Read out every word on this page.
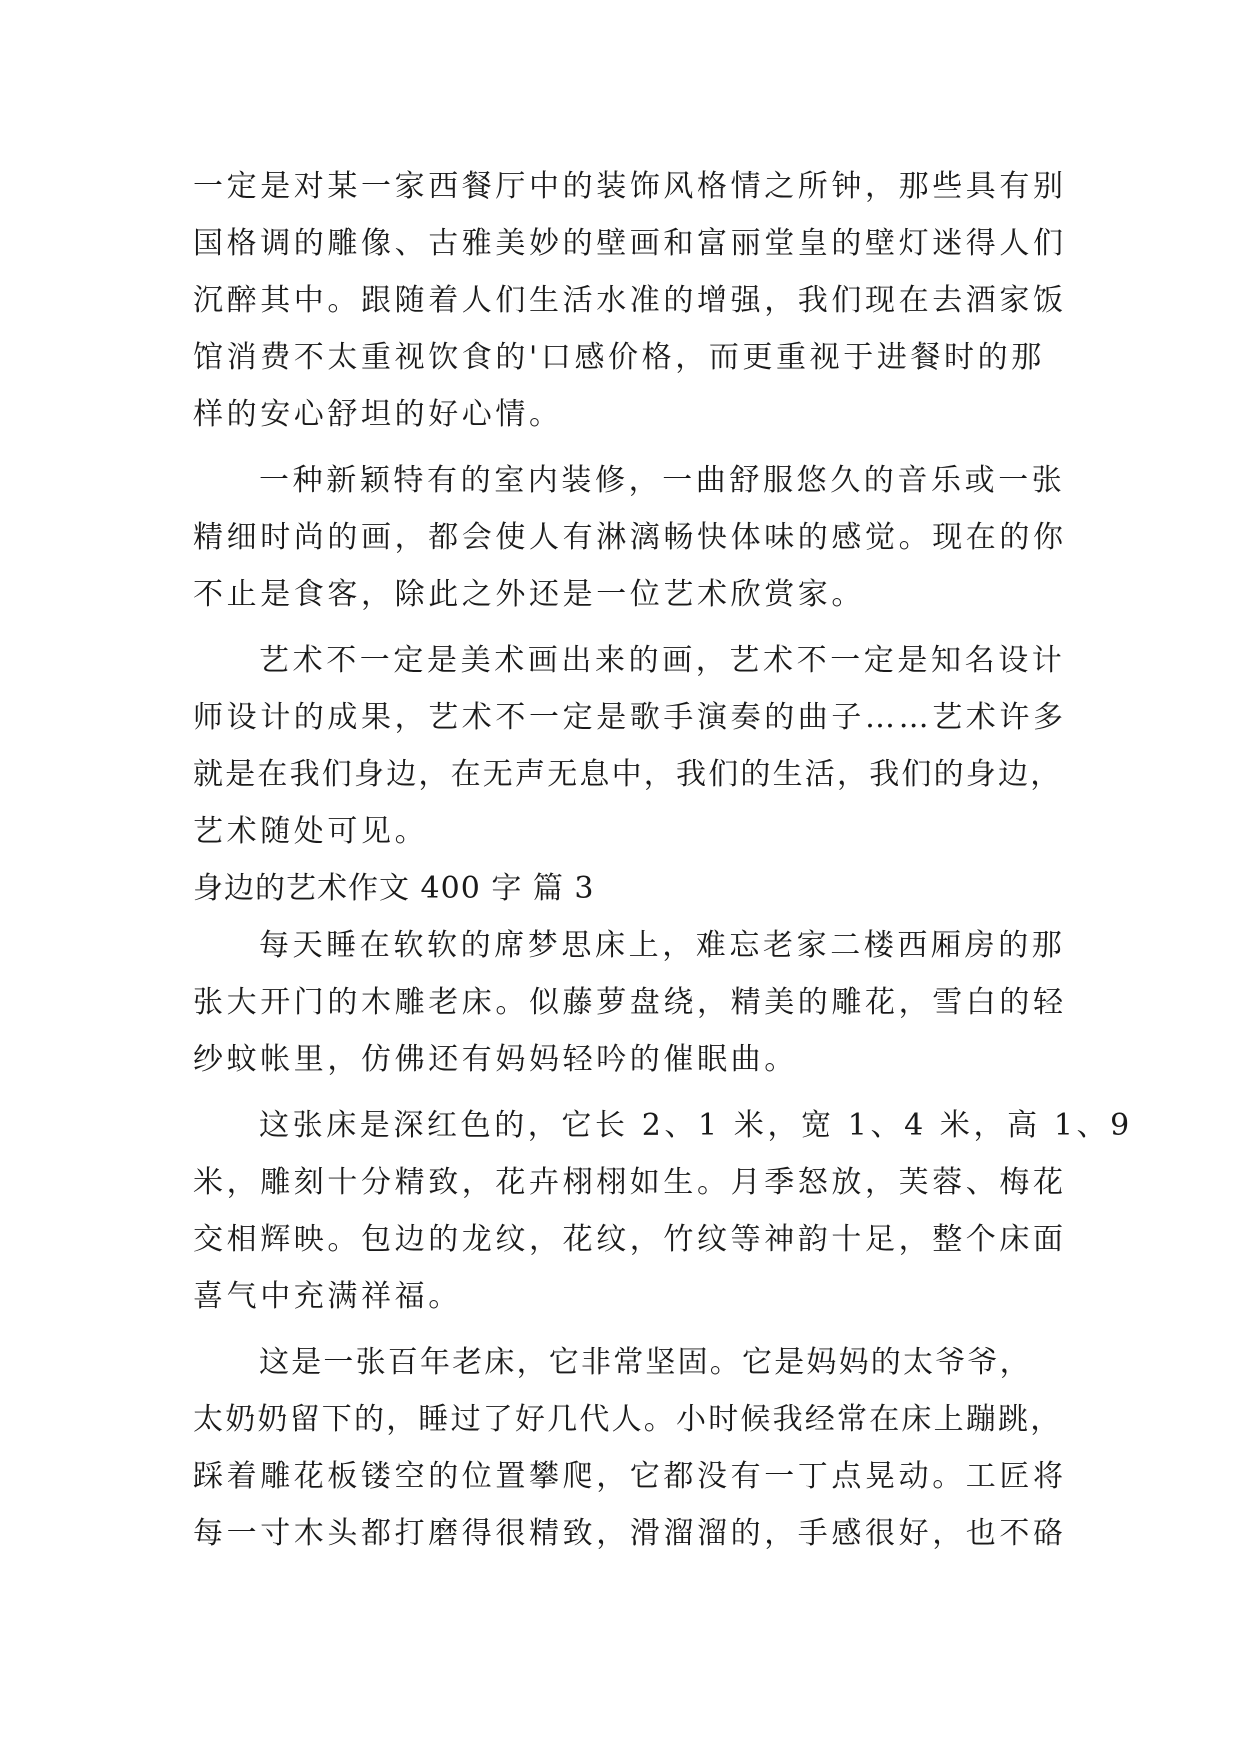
一定是对某一家西餐厅中的装饰风格情之所钟，那些具有别
国格调的雕像、古雅美妙的壁画和富丽堂皇的壁灯迷得人们
沉醉其中。跟随着人们生活水准的增强，我们现在去酒家饭
馆消费不太重视饮食的'口感价格，而更重视于进餐时的那
样的安心舒坦的好心情。
一种新颖特有的室内装修，一曲舒服悠久的音乐或一张
精细时尚的画，都会使人有淋漓畅快体味的感觉。现在的你
不止是食客，除此之外还是一位艺术欣赏家。
艺术不一定是美术画出来的画，艺术不一定是知名设计
师设计的成果，艺术不一定是歌手演奏的曲子……艺术许多
就是在我们身边，在无声无息中，我们的生活，我们的身边，
艺术随处可见。
身边的艺术作文 400 字 篇 3
每天睡在软软的席梦思床上，难忘老家二楼西厢房的那
张大开门的木雕老床。似藤萝盘绕，精美的雕花，雪白的轻
纱蚊帐里，仿佛还有妈妈轻吟的催眠曲。
这张床是深红色的，它长 2、1 米，宽 1、4 米，高 1、9
米，雕刻十分精致，花卉栩栩如生。月季怒放，芙蓉、梅花
交相辉映。包边的龙纹，花纹，竹纹等神韵十足，整个床面
喜气中充满祥福。
这是一张百年老床，它非常坚固。它是妈妈的太爷爷，
太奶奶留下的，睡过了好几代人。小时候我经常在床上蹦跳，
踩着雕花板镂空的位置攀爬，它都没有一丁点晃动。工匠将
每一寸木头都打磨得很精致，滑溜溜的，手感很好，也不硌
